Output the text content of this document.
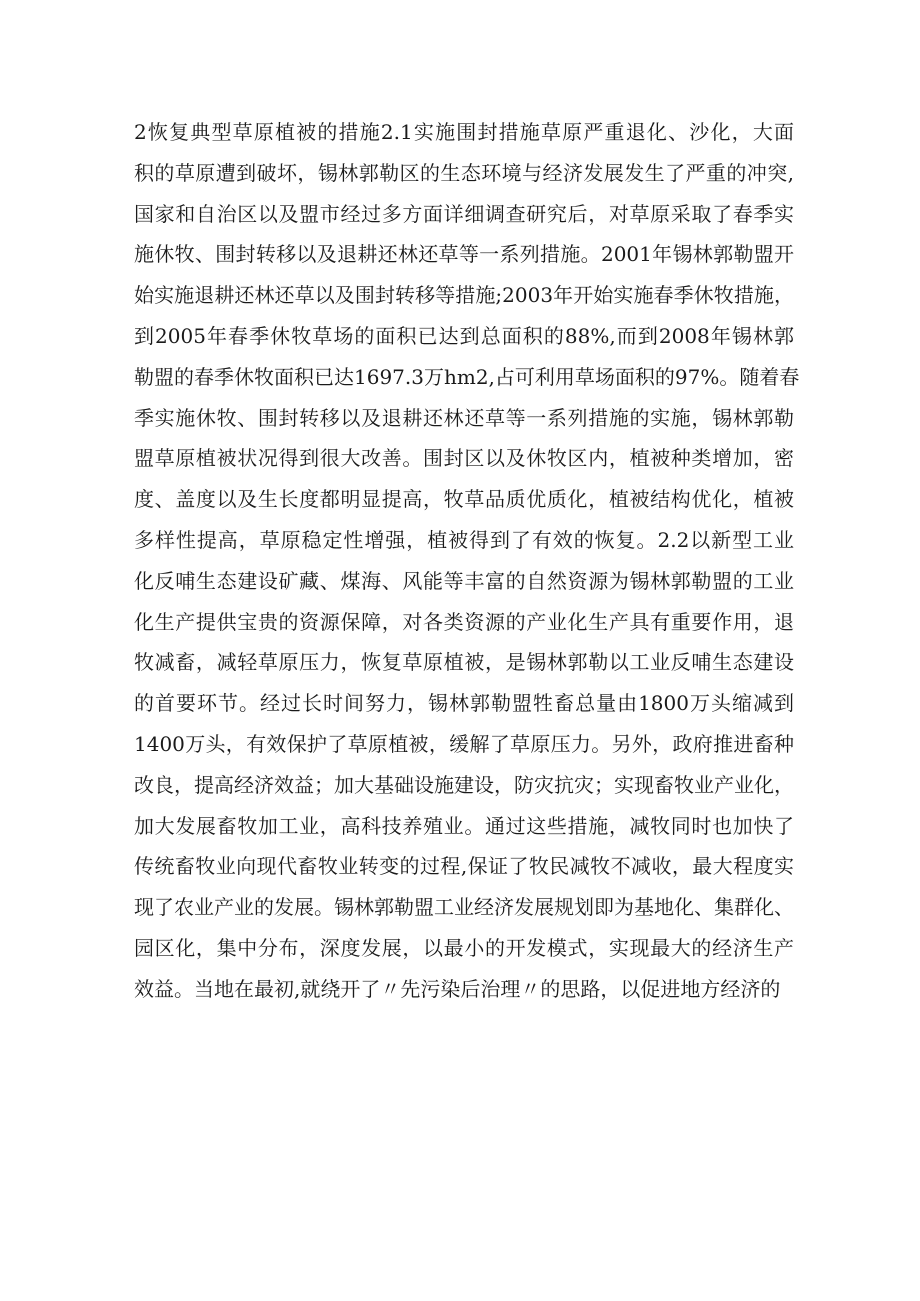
2恢复典型草原植被的措施2.1实施围封措施草原严重退化、沙化，大面
积的草原遭到破坏，锡林郭勒区的生态环境与经济发展发生了严重的冲突,
国家和自治区以及盟市经过多方面详细调查研究后，对草原采取了春季实
施休牧、围封转移以及退耕还林还草等一系列措施。2001年锡林郭勒盟开
始实施退耕还林还草以及围封转移等措施;2003年开始实施春季休牧措施，
到2005年春季休牧草场的面积已达到总面积的88%,而到2008年锡林郭
勒盟的春季休牧面积已达1697.3万hm2,占可利用草场面积的97%。随着春
季实施休牧、围封转移以及退耕还林还草等一系列措施的实施，锡林郭勒
盟草原植被状况得到很大改善。围封区以及休牧区内，植被种类增加，密
度、盖度以及生长度都明显提高，牧草品质优质化，植被结构优化，植被
多样性提高，草原稳定性增强，植被得到了有效的恢复。2.2以新型工业
化反哺生态建设矿藏、煤海、风能等丰富的自然资源为锡林郭勒盟的工业
化生产提供宝贵的资源保障，对各类资源的产业化生产具有重要作用，退
牧减畜，减轻草原压力，恢复草原植被，是锡林郭勒以工业反哺生态建设
的首要环节。经过长时间努力，锡林郭勒盟牲畜总量由1800万头缩减到
1400万头，有效保护了草原植被，缓解了草原压力。另外，政府推进畜种
改良，提高经济效益；加大基础设施建设，防灾抗灾；实现畜牧业产业化，
加大发展畜牧加工业，高科技养殖业。通过这些措施，减牧同时也加快了
传统畜牧业向现代畜牧业转变的过程,保证了牧民减牧不减收，最大程度实
现了农业产业的发展。锡林郭勒盟工业经济发展规划即为基地化、集群化、
园区化，集中分布，深度发展，以最小的开发模式，实现最大的经济生产
效益。当地在最初,就绕开了〃先污染后治理〃的思路，以促进地方经济的
